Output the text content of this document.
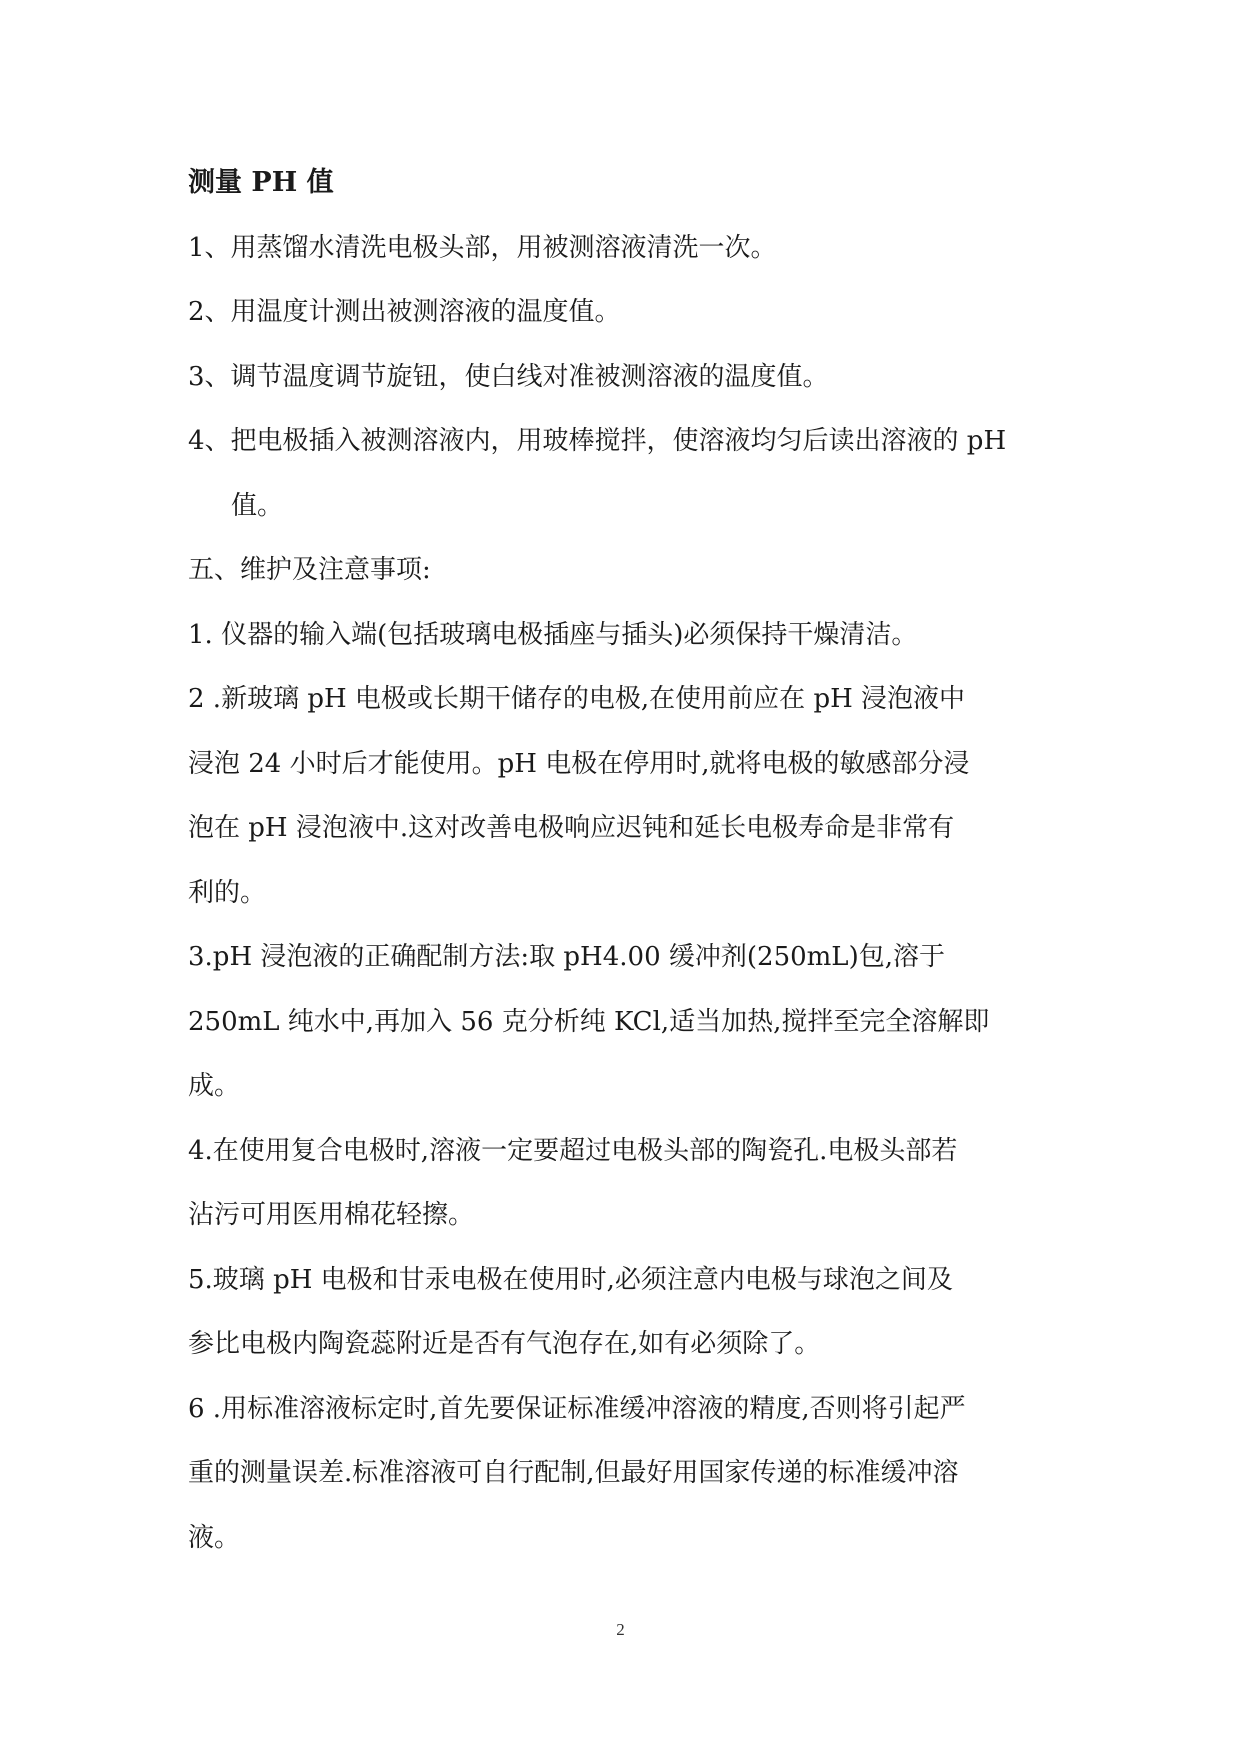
测量 PH 值

1、用蒸馏水清洗电极头部，用被测溶液清洗一次。

2、用温度计测出被测溶液的温度值。

3、调节温度调节旋钮，使白线对准被测溶液的温度值。

4、把电极插入被测溶液内，用玻棒搅拌，使溶液均匀后读出溶液的 pH

值。

五、维护及注意事项:

1. 仪器的输入端(包括玻璃电极插座与插头)必须保持干燥清洁。

2 .新玻璃 pH 电极或长期干储存的电极,在使用前应在 pH 浸泡液中

浸泡 24 小时后才能使用。pH 电极在停用时,就将电极的敏感部分浸

泡在 pH 浸泡液中.这对改善电极响应迟钝和延长电极寿命是非常有

利的。

3.pH 浸泡液的正确配制方法:取 pH4.00 缓冲剂(250mL)包,溶于

250mL 纯水中,再加入 56 克分析纯 KCl,适当加热,搅拌至完全溶解即

成。

4.在使用复合电极时,溶液一定要超过电极头部的陶瓷孔.电极头部若

沾污可用医用棉花轻擦。

5.玻璃 pH 电极和甘汞电极在使用时,必须注意内电极与球泡之间及

参比电极内陶瓷蕊附近是否有气泡存在,如有必须除了。

6 .用标准溶液标定时,首先要保证标准缓冲溶液的精度,否则将引起严

重的测量误差.标准溶液可自行配制,但最好用国家传递的标准缓冲溶

液。

2
